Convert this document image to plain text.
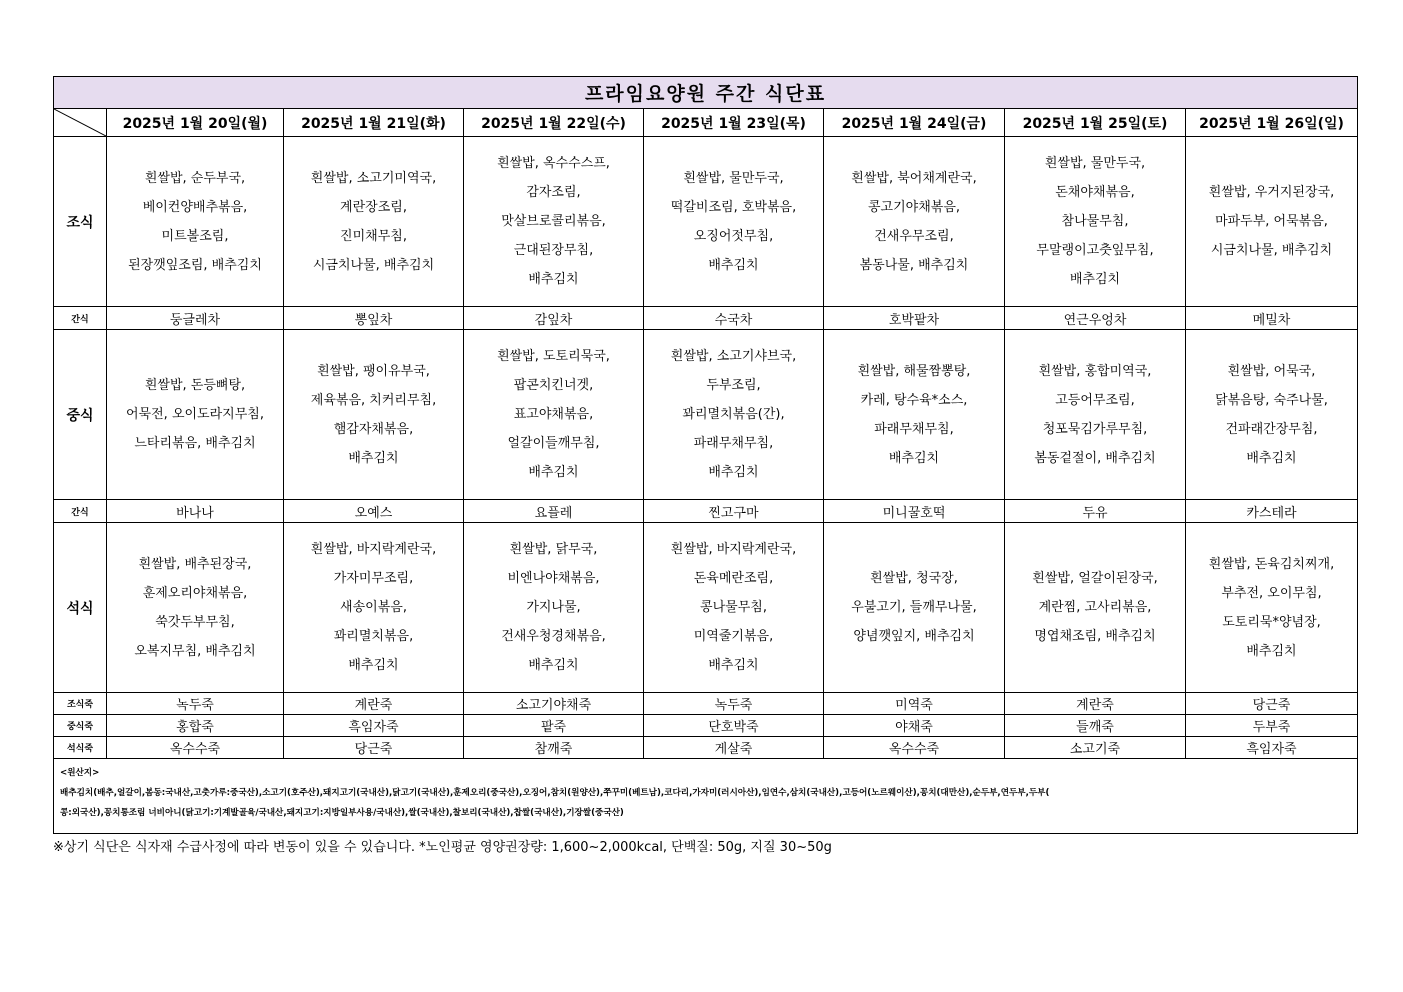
프라임요양원 주간 식단표							

	2025년 1월 20일(월)	2025년 1월 21일(화)	2025년 1월 22일(수)	2025년 1월 23일(목)	2025년 1월 24일(금)	2025년 1월 25일(토)	2025년 1월 26일(일)
조식	흰쌀밥, 순두부국,
베이컨양배추볶음,
미트볼조림,
된장깻잎조림, 배추김치	흰쌀밥, 소고기미역국,
계란장조림,
진미채무침,
시금치나물, 배추김치	흰쌀밥, 옥수수스프,
감자조림,
맛살브로콜리볶음,
근대된장무침,
배추김치	흰쌀밥, 물만두국,
떡갈비조림, 호박볶음,
오징어젓무침,
배추김치	흰쌀밥, 북어채계란국,
콩고기야채볶음,
건새우무조림,
봄동나물, 배추김치	흰쌀밥, 물만두국,
돈채야채볶음,
참나물무침,
무말랭이고춧잎무침,
배추김치	흰쌀밥, 우거지된장국,
마파두부, 어묵볶음,
시금치나물, 배추김치

간식	둥글레차	뽕잎차	감잎차	수국차	호박팥차	연근우엉차	메밀차
중식	흰쌀밥, 돈등뼈탕,
어묵전, 오이도라지무침,
느타리볶음, 배추김치	흰쌀밥, 팽이유부국,
제육볶음, 치커리무침,
햄감자채볶음,
배추김치	흰쌀밥, 도토리묵국,
팝콘치킨너겟,
표고야채볶음,
얼갈이들깨무침,
배추김치	흰쌀밥, 소고기샤브국,
두부조림,
꽈리멸치볶음(간),
파래무채무침,
배추김치	흰쌀밥, 해물짬뽕탕,
카레, 탕수육*소스,
파래무채무침,
배추김치	흰쌀밥, 홍합미역국,
고등어무조림,
청포묵김가루무침,
봄동겉절이, 배추김치	흰쌀밥, 어묵국,
닭볶음탕, 숙주나물,
건파래간장무침,
배추김치

간식	바나나	오예스	요플레	찐고구마	미니꿀호떡	두유	카스테라
석식	흰쌀밥, 배추된장국,
훈제오리야채볶음,
쑥갓두부무침,
오복지무침, 배추김치	흰쌀밥, 바지락계란국,
가자미무조림,
새송이볶음,
꽈리멸치볶음,
배추김치	흰쌀밥, 닭무국,
비엔나야채볶음,
가지나물,
건새우청경채볶음,
배추김치	흰쌀밥, 바지락계란국,
돈육메란조림,
콩나물무침,
미역줄기볶음,
배추김치	흰쌀밥, 청국장,
우불고기, 들깨무나물,
양념깻잎지, 배추김치	흰쌀밥, 얼갈이된장국,
계란찜, 고사리볶음,
명엽채조림, 배추김치	흰쌀밥, 돈육김치찌개,
부추전, 오이무침,
도토리묵*양념장,
배추김치

조식죽	녹두죽	계란죽	소고기야채죽	녹두죽	미역죽	계란죽	당근죽
중식죽	홍합죽	흑임자죽	팥죽	단호박죽	야채죽	들깨죽	두부죽
석식죽	옥수수죽	당근죽	참깨죽	게살죽	옥수수죽	소고기죽	흑임자죽

<원산지>
배추김치(배추,얼갈이,봄동:국내산,고춧가루:중국산),소고기(호주산),돼지고기(국내산),닭고기(국내산),훈제오리(중국산),오징어,참치(원양산),쭈꾸미(베트남),코다리,가자미(러시아산),임연수,삼치(국내산),고등어(노르웨이산),꽁치(대만산),순두부,연두부,두부(
콩:외국산),꽁치통조림 너비아니(닭고기:기계발골육/국내산,돼지고기:지방일부사용/국내산),쌀(국내산),찰보리(국내산),찹쌀(국내산),기장쌀(중국산)							
※상기 식단은 식자재 수급사정에 따라 변동이 있을 수 있습니다. *노인평균 영양권장량: 1,600~2,000kcal, 단백질: 50g, 지질 30~50g
